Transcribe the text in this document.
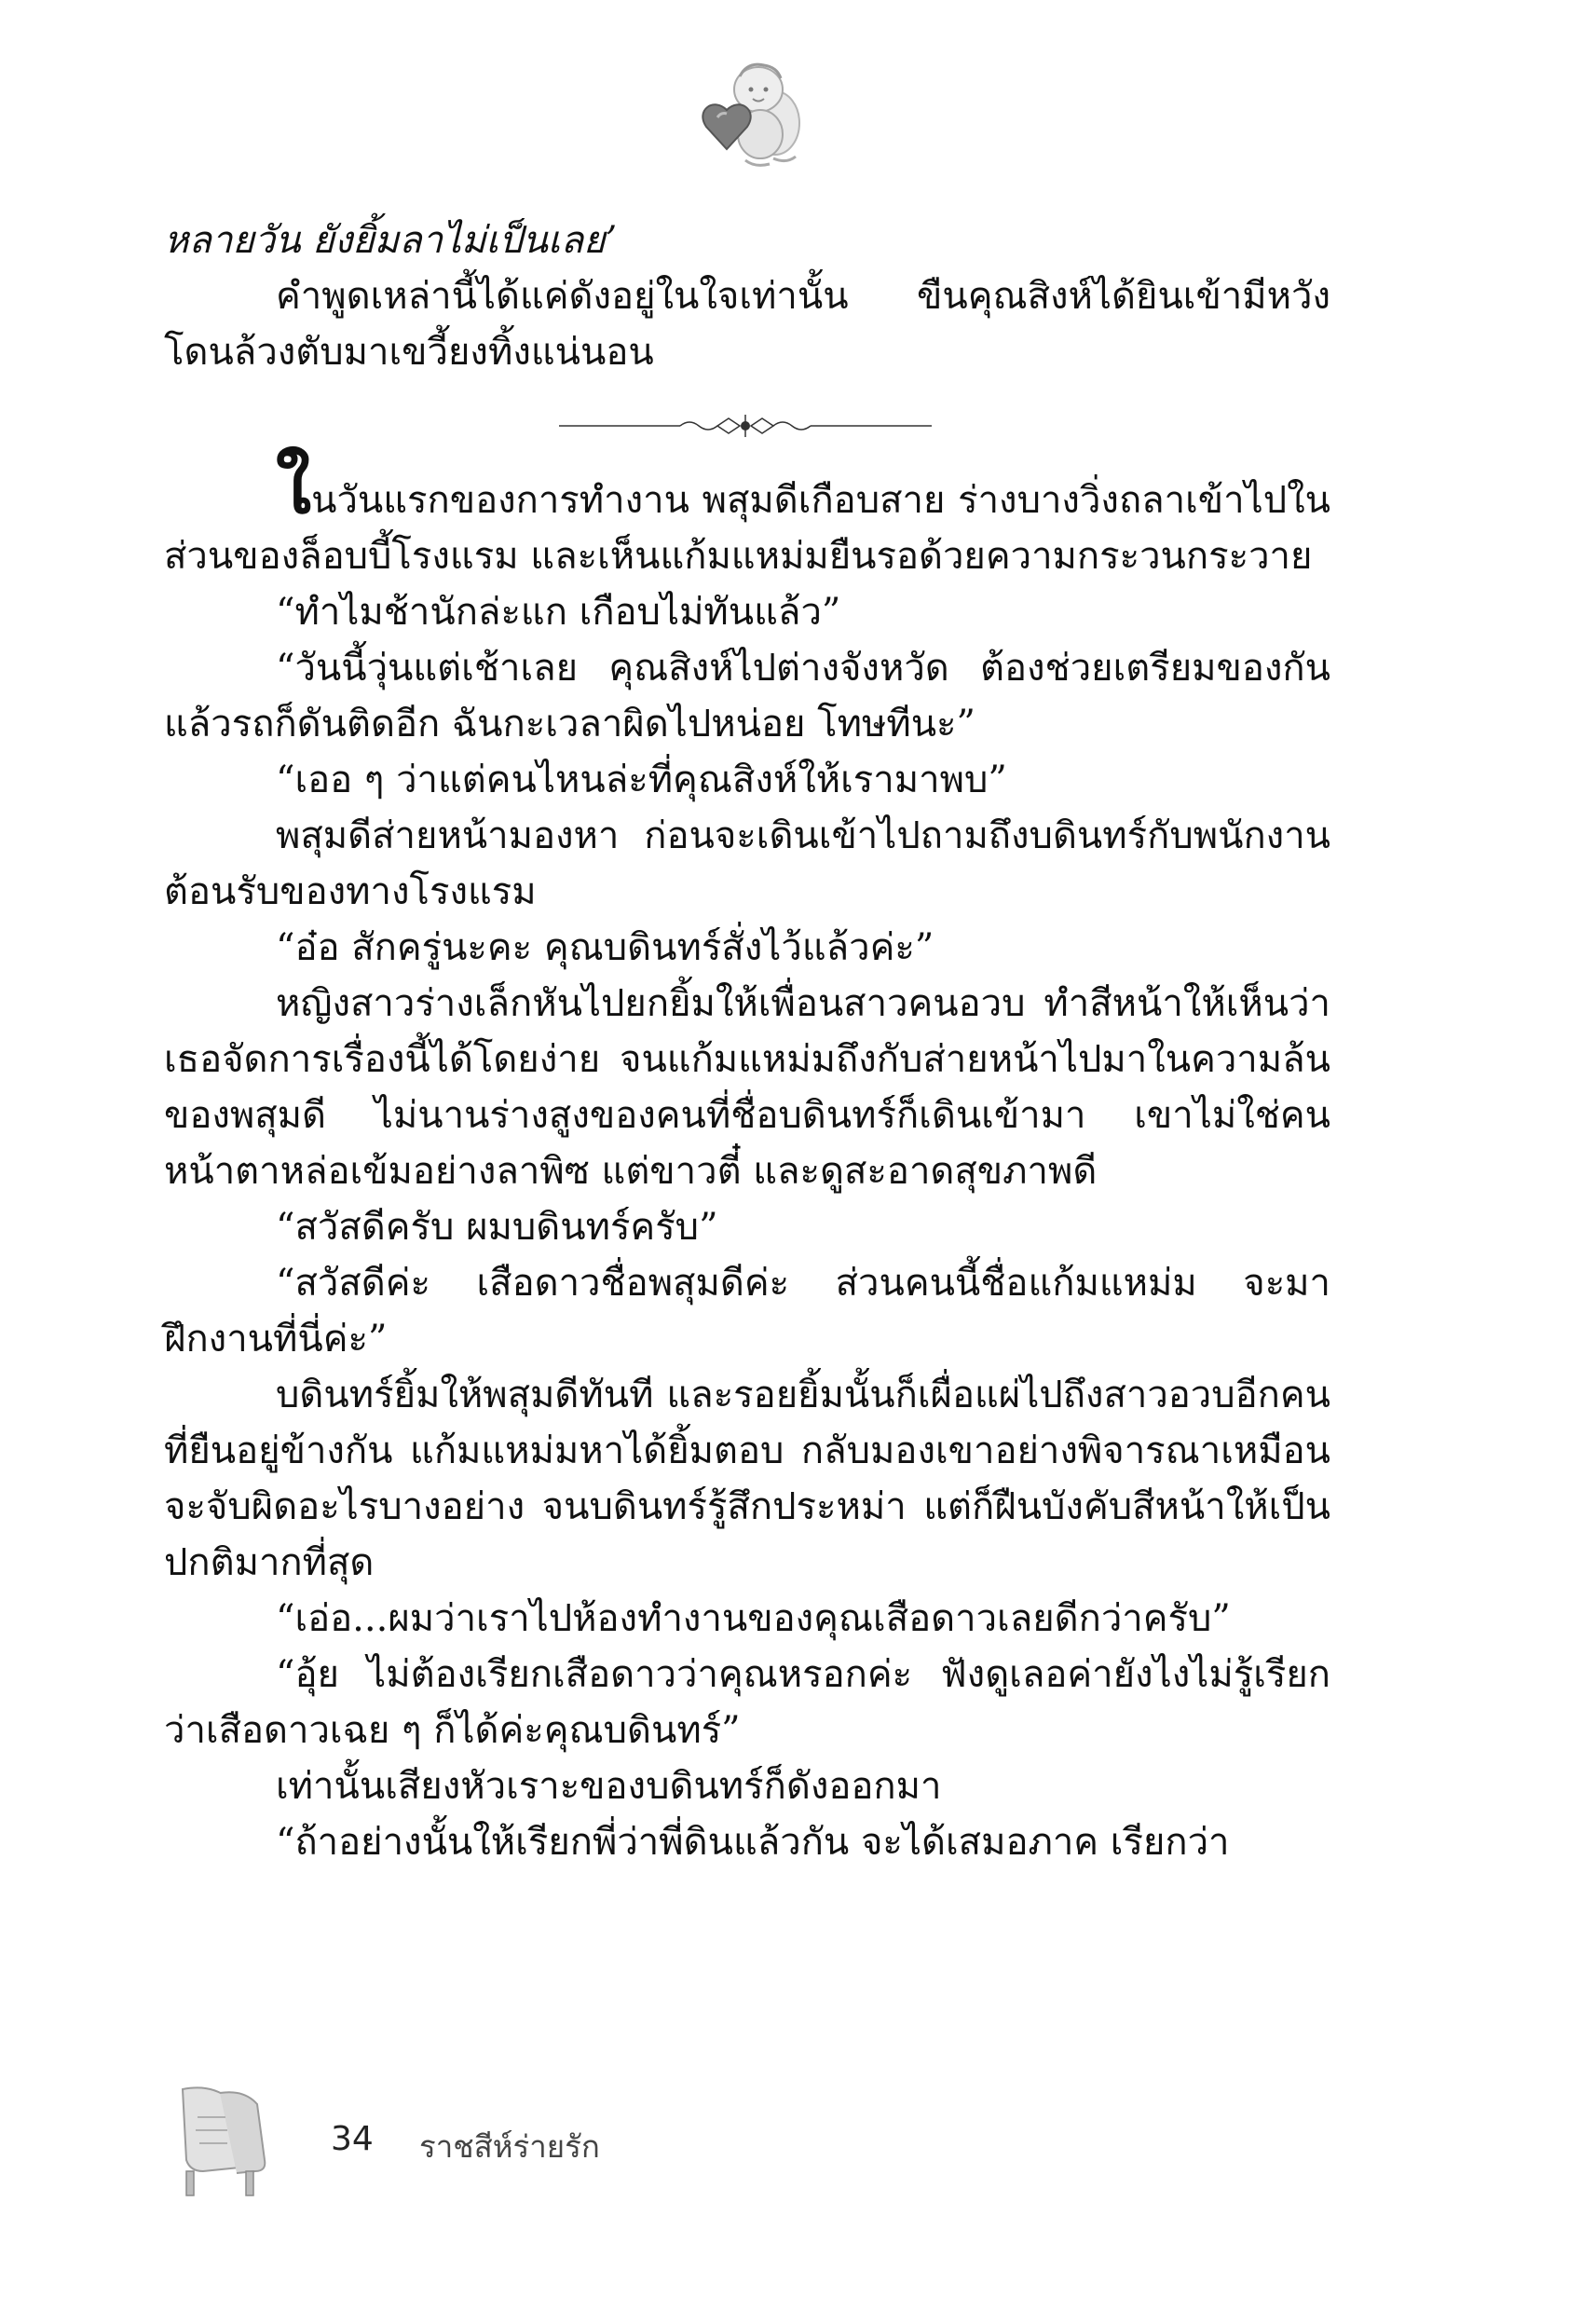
หลายวัน ยังยิ้มลาไม่เป็นเลย’

คำพูดเหล่านี้ได้แค่ดังอยู่ในใจเท่านั้น ขืนคุณสิงห์ได้ยินเข้ามีหวังโดนล้วงตับมาเขวี้ยงทิ้งแน่นอน

ในวันแรกของการทำงาน พสุมดีเกือบสาย ร่างบางวิ่งถลาเข้าไปในส่วนของล็อบบี้โรงแรม และเห็นแก้มแหม่มยืนรอด้วยความกระวนกระวาย

“ทำไมช้านักล่ะแก เกือบไม่ทันแล้ว”

“วันนี้วุ่นแต่เช้าเลย คุณสิงห์ไปต่างจังหวัด ต้องช่วยเตรียมของกันแล้วรถก็ดันติดอีก ฉันกะเวลาผิดไปหน่อย โทษทีนะ”

“เออ ๆ ว่าแต่คนไหนล่ะที่คุณสิงห์ให้เรามาพบ”

พสุมดีส่ายหน้ามองหา ก่อนจะเดินเข้าไปถามถึงบดินทร์กับพนักงานต้อนรับของทางโรงแรม

“อ๋อ สักครู่นะคะ คุณบดินทร์สั่งไว้แล้วค่ะ”

หญิงสาวร่างเล็กหันไปยกยิ้มให้เพื่อนสาวคนอวบ ทำสีหน้าให้เห็นว่าเธอจัดการเรื่องนี้ได้โดยง่าย จนแก้มแหม่มถึงกับส่ายหน้าไปมาในความล้นของพสุมดี ไม่นานร่างสูงของคนที่ชื่อบดินทร์ก็เดินเข้ามา เขาไม่ใช่คนหน้าตาหล่อเข้มอย่างลาพิซ แต่ขาวตี๋ และดูสะอาดสุขภาพดี

“สวัสดีครับ ผมบดินทร์ครับ”

“สวัสดีค่ะ เสือดาวชื่อพสุมดีค่ะ ส่วนคนนี้ชื่อแก้มแหม่ม จะมาฝึกงานที่นี่ค่ะ”

บดินทร์ยิ้มให้พสุมดีทันที และรอยยิ้มนั้นก็เผื่อแผ่ไปถึงสาวอวบอีกคนที่ยืนอยู่ข้างกัน แก้มแหม่มหาได้ยิ้มตอบ กลับมองเขาอย่างพิจารณาเหมือนจะจับผิดอะไรบางอย่าง จนบดินทร์รู้สึกประหม่า แต่ก็ฝืนบังคับสีหน้าให้เป็นปกติมากที่สุด

“เอ่อ...ผมว่าเราไปห้องทำงานของคุณเสือดาวเลยดีกว่าครับ”

“อุ้ย ไม่ต้องเรียกเสือดาวว่าคุณหรอกค่ะ ฟังดูเลอค่ายังไงไม่รู้เรียกว่าเสือดาวเฉย ๆ ก็ได้ค่ะคุณบดินทร์”

เท่านั้นเสียงหัวเราะของบดินทร์ก็ดังออกมา

“ถ้าอย่างนั้นให้เรียกพี่ว่าพี่ดินแล้วกัน จะได้เสมอภาค เรียกว่า

34 ราชสีห์ร่ายรัก
